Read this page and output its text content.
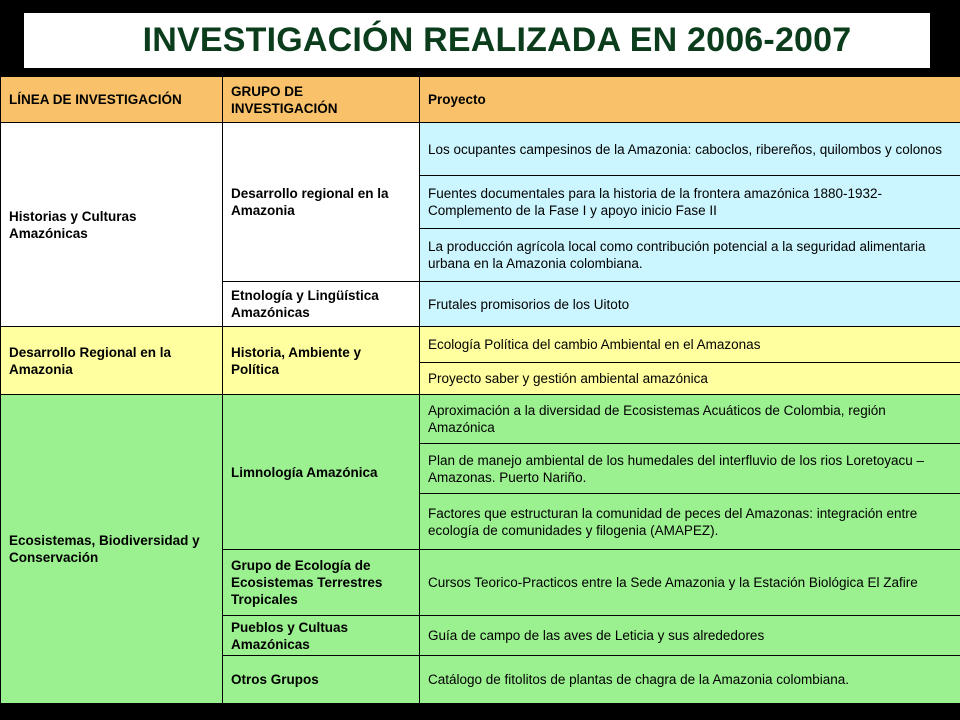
INVESTIGACIÓN REALIZADA EN 2006-2007
LÍNEA DE INVESTIGACIÓN	GRUPO DE INVESTIGACIÓN	Proyecto
Historias y Culturas Amazónicas	Desarrollo regional en la Amazonia	Los ocupantes campesinos de la Amazonia: caboclos, ribereños, quilombos y colonos
		Fuentes documentales para la historia de la frontera amazónica 1880-1932- Complemento de la Fase I y apoyo inicio Fase II
		La producción agrícola local como contribución potencial a la seguridad alimentaria urbana en la Amazonia colombiana.
	Etnología y Lingüística Amazónicas	Frutales promisorios de los Uitoto
Desarrollo Regional en la Amazonia	Historia, Ambiente y Política	Ecología Política del cambio Ambiental en el Amazonas
		Proyecto saber y gestión ambiental amazónica
Ecosistemas, Biodiversidad y Conservación	Limnología Amazónica	Aproximación a la diversidad de Ecosistemas Acuáticos de Colombia, región Amazónica
		Plan de manejo ambiental de los humedales del interfluvio de los rios Loretoyacu – Amazonas. Puerto Nariño.
		Factores que estructuran la comunidad de peces del Amazonas: integración entre ecología de comunidades y filogenia (AMAPEZ).
	Grupo de Ecología de Ecosistemas Terrestres Tropicales	Cursos Teorico-Practicos entre la Sede Amazonia y la Estación Biológica El Zafire
	Pueblos y Cultuas Amazónicas	Guía de campo de las aves de Leticia y sus alrededores
	Otros Grupos	Catálogo de fitolitos de plantas de chagra de la Amazonia colombiana.
